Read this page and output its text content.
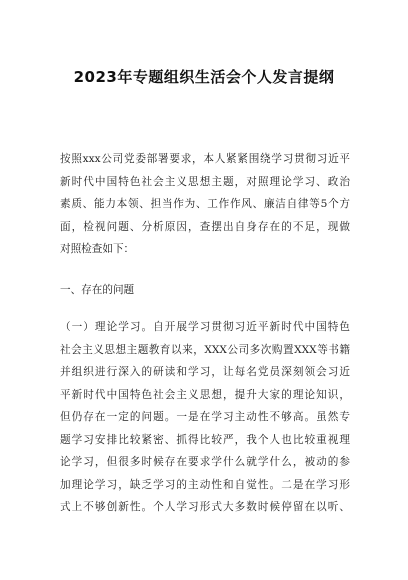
2023年专题组织生活会个人发言提纲
按照xxx公司党委部署要求，本人紧紧围绕学习贯彻习近平
新时代中国特色社会主义思想主题，对照理论学习、政治
素质、能力本领、担当作为、工作作风、廉洁自律等5个方
面，检视问题、分析原因，查摆出自身存在的不足，现做
对照检查如下：
一、存在的问题
（一）理论学习。自开展学习贯彻习近平新时代中国特色
社会主义思想主题教育以来，XXX公司多次购置XXX等书籍
并组织进行深入的研读和学习，让每名党员深刻领会习近
平新时代中国特色社会主义思想，提升大家的理论知识，
但仍存在一定的问题。一是在学习主动性不够高。虽然专
题学习安排比较紧密、抓得比较严，我个人也比较重视理
论学习，但很多时候存在要求学什么就学什么，被动的参
加理论学习，缺乏学习的主动性和自觉性。二是在学习形
式上不够创新性。个人学习形式大多数时候停留在以听、
